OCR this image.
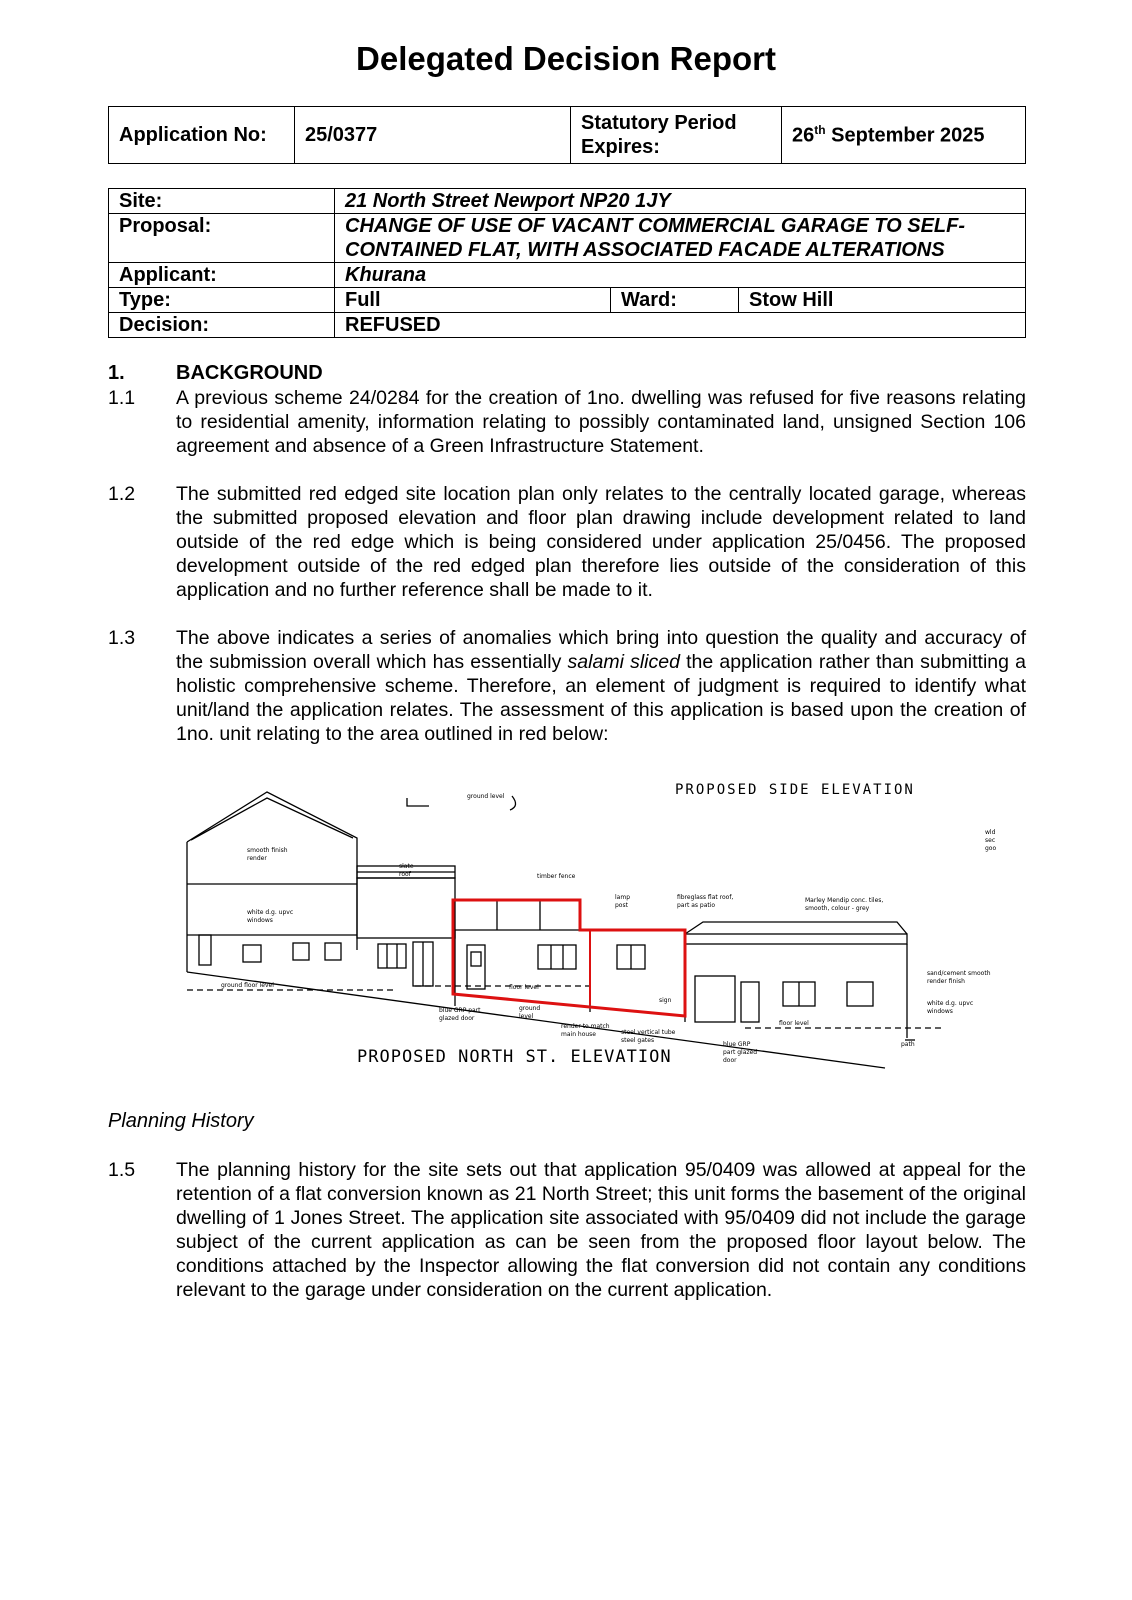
Delegated Decision Report
Application No:	25/0377	Statutory Period Expires:	26th September 2025
Site:	21 North Street Newport NP20 1JY		
Proposal:	CHANGE OF USE OF VACANT COMMERCIAL GARAGE TO SELF-CONTAINED FLAT, WITH ASSOCIATED FACADE ALTERATIONS		
Applicant:	Khurana		
Type:	Full	Ward:	Stow Hill
Decision:	REFUSED		
1.	BACKGROUND
1.1 A previous scheme 24/0284 for the creation of 1no. dwelling was refused for five reasons relating to residential amenity, information relating to possibly contaminated land, unsigned Section 106 agreement and absence of a Green Infrastructure Statement.
1.2 The submitted red edged site location plan only relates to the centrally located garage, whereas the submitted proposed elevation and floor plan drawing include development related to land outside of the red edge which is being considered under application 25/0456. The proposed development outside of the red edged plan therefore lies outside of the consideration of this application and no further reference shall be made to it.
1.3 The above indicates a series of anomalies which bring into question the quality and accuracy of the submission overall which has essentially salami sliced the application rather than submitting a holistic comprehensive scheme. Therefore, an element of judgment is required to identify what unit/land the application relates. The assessment of this application is based upon the creation of 1no. unit relating to the area outlined in red below:
ground level
smooth finish
render
slate
roof	timber fence
lamp
post
fibreglass flat roof,
part as patio
Marley Mendip conc. tiles,
smooth, colour - grey
white d.g. upvc
windows
ground floor level	floor level
blue GRP part
glazed door
ground
level
render to match
main house	steel vertical tube
steel gates
sign
sand/cement smooth
render finish
white d.g. upvc
windows
floor level
path
blue GRP
part glazed
door
wld
sec
goo
PROPOSED SIDE ELEVATION
PROPOSED NORTH ST. ELEVATION
Planning History
1.5 The planning history for the site sets out that application 95/0409 was allowed at appeal for the retention of a flat conversion known as 21 North Street; this unit forms the basement of the original dwelling of 1 Jones Street. The application site associated with 95/0409 did not include the garage subject of the current application as can be seen from the proposed floor layout below. The conditions attached by the Inspector allowing the flat conversion did not contain any conditions relevant to the garage under consideration on the current application.
